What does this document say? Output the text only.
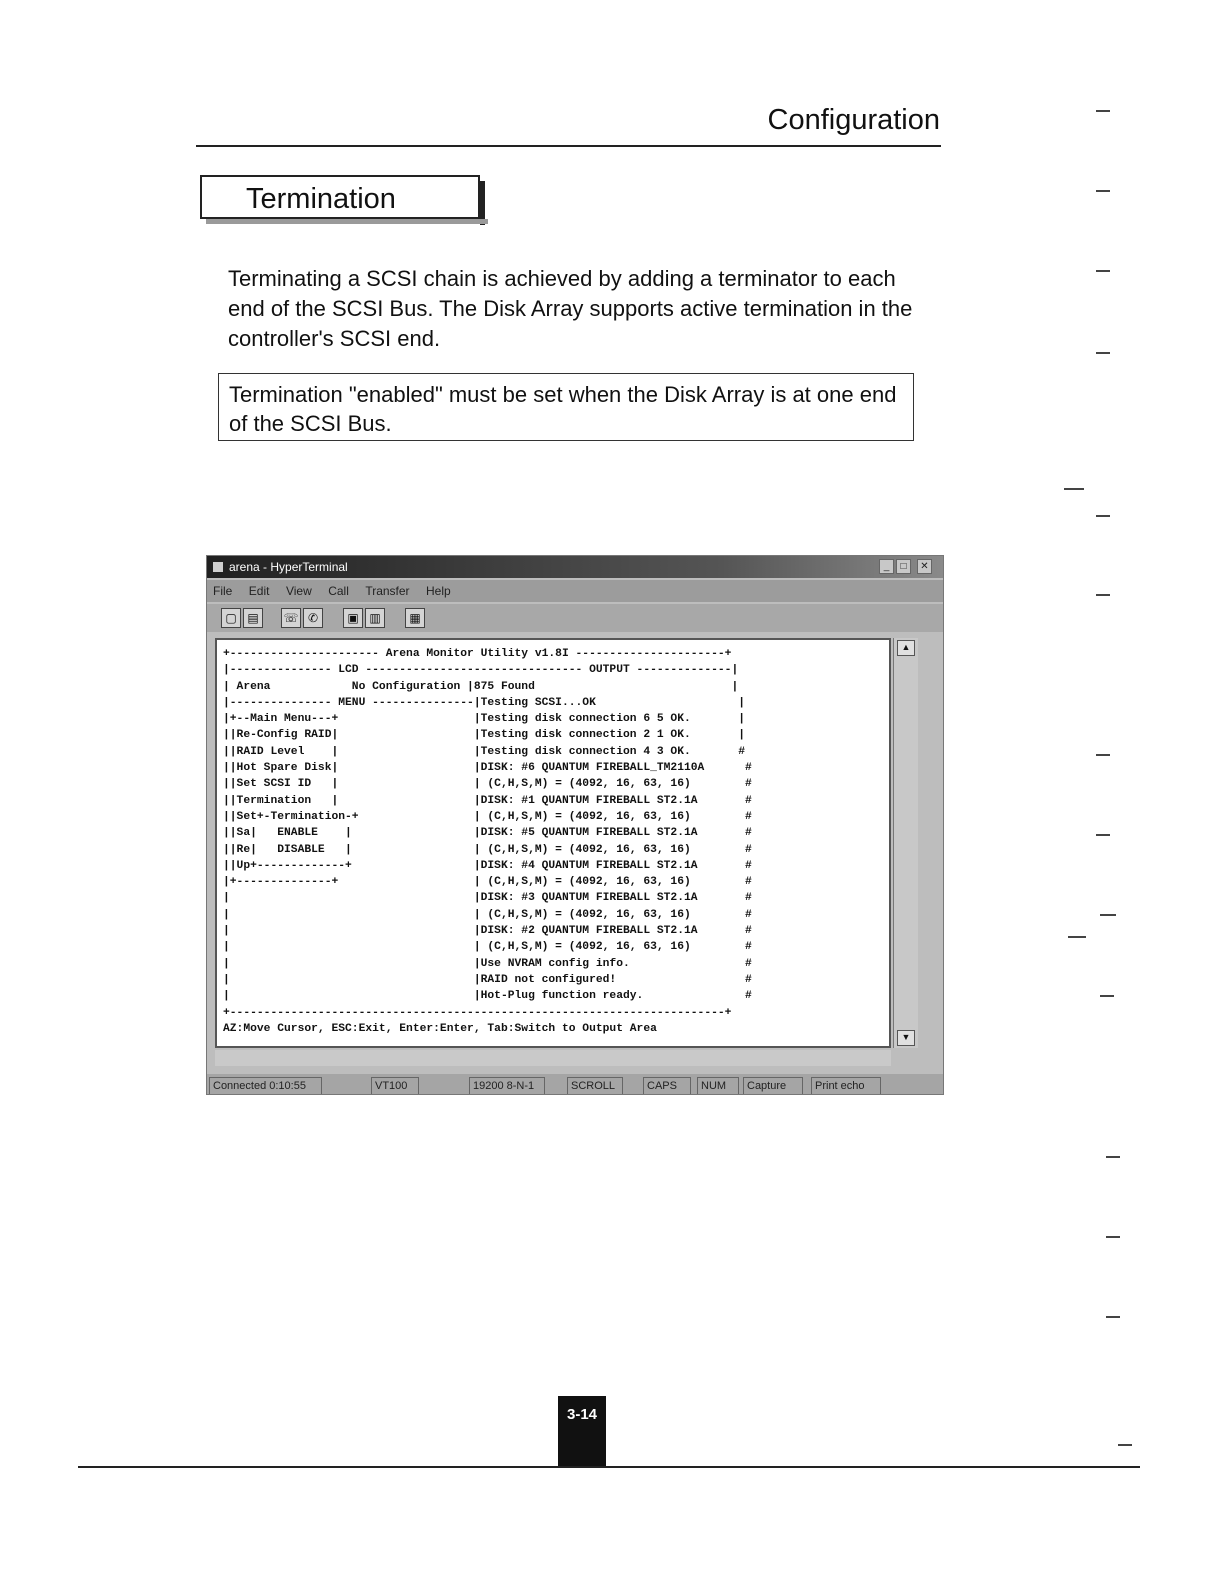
Configuration
Termination
Terminating a SCSI chain is achieved by adding a terminator to each end of the SCSI Bus. The Disk Array supports active termination in the controller's SCSI end.
Termination "enabled" must be set when the Disk Array is at one end of the SCSI Bus.
arena - HyperTerminal	_	□	✕
File Edit View Call Transfer Help
▢ ▤	☏ ✆	▣ ▥	▦
+---------------------- Arena Monitor Utility v1.8I ----------------------+
|--------------- LCD -------------------------------- OUTPUT --------------|
| Arena            No Configuration |875 Found                             |
|--------------- MENU ---------------|Testing SCSI...OK                     |
|+--Main Menu---+                    |Testing disk connection 6 5 OK.       |
||Re-Config RAID|                    |Testing disk connection 2 1 OK.       |
||RAID Level    |                    |Testing disk connection 4 3 OK.       #
||Hot Spare Disk|                    |DISK: #6 QUANTUM FIREBALL_TM2110A      #
||Set SCSI ID   |                    | (C,H,S,M) = (4092, 16, 63, 16)        #
||Termination   |                    |DISK: #1 QUANTUM FIREBALL ST2.1A       #
||Set+-Termination-+                 | (C,H,S,M) = (4092, 16, 63, 16)        #
||Sa|   ENABLE    |                  |DISK: #5 QUANTUM FIREBALL ST2.1A       #
||Re|   DISABLE   |                  | (C,H,S,M) = (4092, 16, 63, 16)        #
||Up+-------------+                  |DISK: #4 QUANTUM FIREBALL ST2.1A       #
|+--------------+                    | (C,H,S,M) = (4092, 16, 63, 16)        #
|                                    |DISK: #3 QUANTUM FIREBALL ST2.1A       #
|                                    | (C,H,S,M) = (4092, 16, 63, 16)        #
|                                    |DISK: #2 QUANTUM FIREBALL ST2.1A       #
|                                    | (C,H,S,M) = (4092, 16, 63, 16)        #
|                                    |Use NVRAM config info.                 #
|                                    |RAID not configured!                   #
|                                    |Hot-Plug function ready.               #
+-------------------------------------------------------------------------+
AZ:Move Cursor, ESC:Exit, Enter:Enter, Tab:Switch to Output Area
▲
▼
Connected 0:10:55	VT100	19200 8-N-1	SCROLL	CAPS	NUM	Capture	Print echo
3-14
